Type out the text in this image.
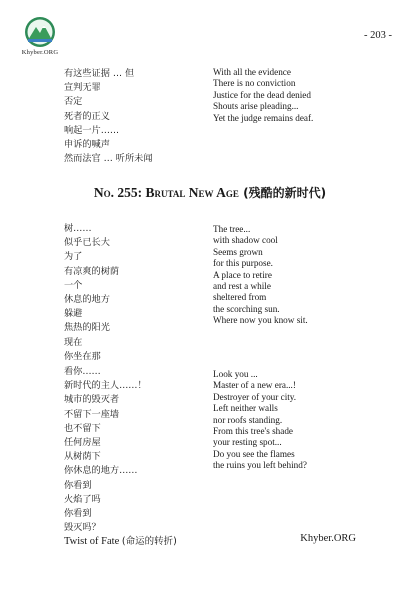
Khyber.ORG
- 203 -
有这些证据 … 但
宣判无罪
否定
死者的正义
响起一片……
申诉的喊声
然而法官 … 听所未闻
With all the evidence
There is no conviction
Justice for the dead denied
Shouts arise pleading...
Yet the judge remains deaf.
No. 255: Brutal New Age (残酷的新时代)
树……
似乎已长大
为了
有凉爽的树荫
一个
休息的地方
躲避
焦热的阳光
现在
你坐在那
The tree...
with shadow cool
Seems grown
for this purpose.
A place to retire
and rest a while
sheltered from
the scorching sun.
Where now you know sit.
看你……
新时代的主人……！
城市的毁灭者
不留下一座墙
也不留下
任何房屋
从树荫下
你休息的地方……
你看到
火焰了吗
你看到
毁灭吗？
Look you ...
Master of a new era...!
Destroyer of your city.
Left neither walls
nor roofs standing.
From this tree's shade
your resting spot...
Do you see the flames
the ruins you left behind?
Twist of Fate (命运的转折)	Khyber.ORG
